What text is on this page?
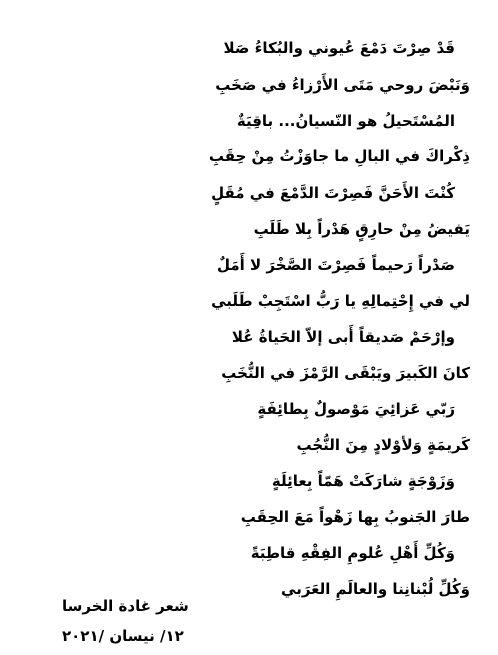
قَدْ صِرْتَ دَمْعَ عُيوني والبُكاءُ صَلا
وَنَبْضَ روحي مَتَى الأَرْزاءُ في صَخَبِ
المُسْتَحيلُ هو النّسيانُ... باقِيَةٌ
ذِكْراكَ في البالِ ما جاوَزْتُ مِنْ حِقَبِ
كُنْتَ الأَحَنَّ فَصِرْتَ الدَّمْعَ في مُقَلٍ
يَفيضُ مِنْ حارِقٍ هَدْراً بِلا طَلَبِ
صَدْراً رَحيماً فَصِرْتَ الصَّخْرَ لا أَمَلٌ
لي في إِحْتِمالِهِ يا رَبُّ اسْتَجِبْ طَلَبي
وإرْحَمْ صَديقاً أَبى إلاّ الحَياةُ عُلا
كانَ الكَبيرَ ويَبْقَى الرَّمْزَ في النُّخَبِ
رَبّي عَزائِيَ مَوْصولٌ بِطائِفَةٍ
كَريمَةٍ وَلأوْلادٍ مِنَ النُّجُبِ
وَزَوْجَةٍ شارَكَتْ هَمّاً بِعائِلَةٍ
طارَ الجَنوبُ بِها زَهْواً مَعَ الحِقَبِ
وَكُلِّ أَهْلِ عُلومِ الفِقْهِ قاطِبَةً
وَكُلِّ لُبْنانِنا والعالَمِ العَرَبي
شعر غادة الخرسا
١٢/ نيسان /٢٠٢١
